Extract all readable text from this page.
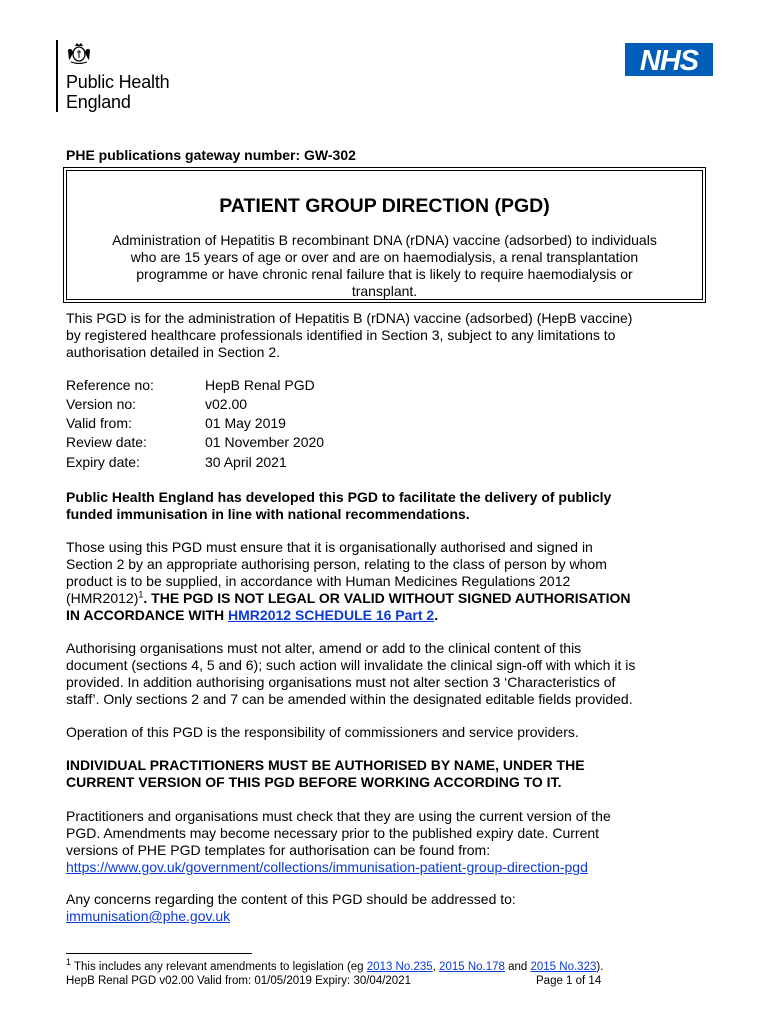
Public Health
England
NHS
PHE publications gateway number: GW-302
PATIENT GROUP DIRECTION (PGD)
Administration of Hepatitis B recombinant DNA (rDNA) vaccine (adsorbed) to individuals
who are 15 years of age or over and are on haemodialysis, a renal transplantation
programme or have chronic renal failure that is likely to require haemodialysis or
transplant.
This PGD is for the administration of Hepatitis B (rDNA) vaccine (adsorbed) (HepB vaccine)
by registered healthcare professionals identified in Section 3, subject to any limitations to
authorisation detailed in Section 2.
Reference no:	HepB Renal PGD
Version no:	v02.00
Valid from:	01 May 2019
Review date:	01 November 2020
Expiry date:	30 April 2021
Public Health England has developed this PGD to facilitate the delivery of publicly
funded immunisation in line with national recommendations.
Those using this PGD must ensure that it is organisationally authorised and signed in
Section 2 by an appropriate authorising person, relating to the class of person by whom
product is to be supplied, in accordance with Human Medicines Regulations 2012
$(HMR2012)^1$. THE PGD IS NOT LEGAL OR VALID WITHOUT SIGNED AUTHORISATION
IN ACCORDANCE WITH HMR2012 SCHEDULE 16 Part 2.
Authorising organisations must not alter, amend or add to the clinical content of this
document (sections 4, 5 and 6); such action will invalidate the clinical sign-off with which it is
provided. In addition authorising organisations must not alter section 3 ‘Characteristics of
staff’. Only sections 2 and 7 can be amended within the designated editable fields provided.
Operation of this PGD is the responsibility of commissioners and service providers.
INDIVIDUAL PRACTITIONERS MUST BE AUTHORISED BY NAME, UNDER THE
CURRENT VERSION OF THIS PGD BEFORE WORKING ACCORDING TO IT.
Practitioners and organisations must check that they are using the current version of the
PGD. Amendments may become necessary prior to the published expiry date. Current
versions of PHE PGD templates for authorisation can be found from:
https://www.gov.uk/government/collections/immunisation-patient-group-direction-pgd
Any concerns regarding the content of this PGD should be addressed to:
immunisation@phe.gov.uk
$^1$ This includes any relevant amendments to legislation (eg 2013 No.235, 2015 No.178 and 2015 No.323).
HepB Renal PGD v02.00 Valid from: 01/05/2019 Expiry: 30/04/2021	Page 1 of 14
